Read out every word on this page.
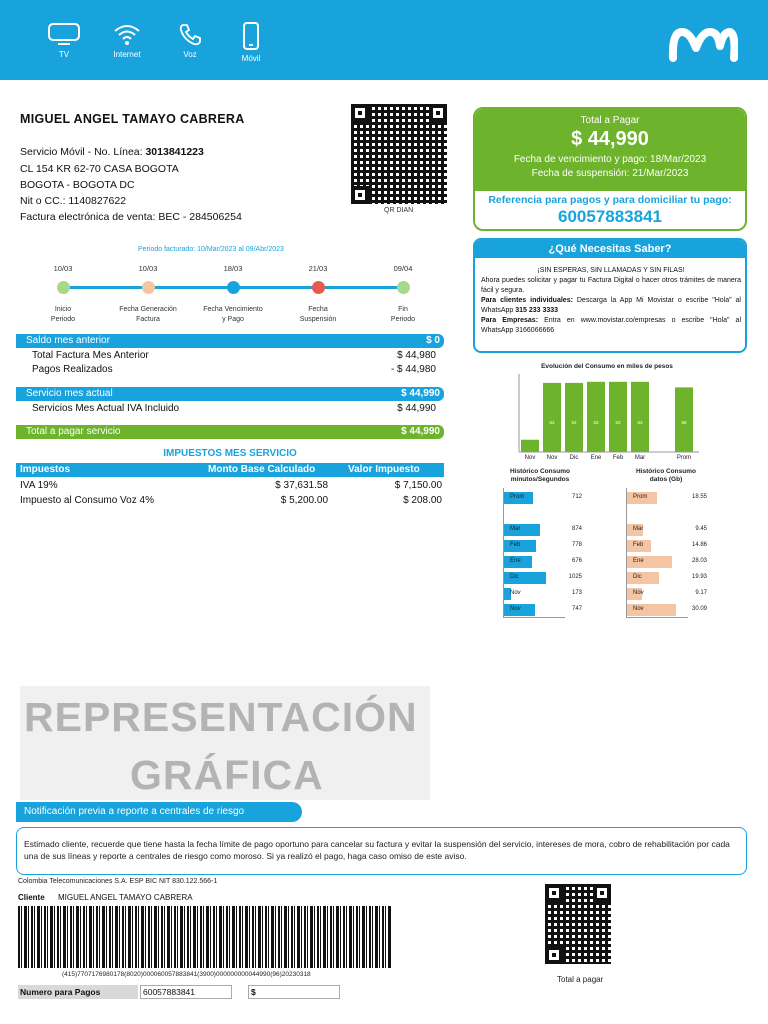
TV	Internet	Voz	Móvil
MIGUEL ANGEL TAMAYO CABRERA
Servicio Móvil - No. Línea: 3013841223
CL 154 KR 62-70 CASA BOGOTA
BOGOTA - BOGOTA DC
Nit o CC.: 1140827622
Factura electrónica de venta: BEC - 284506254
QR DIAN
Total a Pagar
$ 44,990
Fecha de vencimiento y pago: 18/Mar/2023
Fecha de suspensión: 21/Mar/2023
Referencia para pagos y para domiciliar tu pago:
60057883841
¿Qué Necesitas Saber?
¡SIN ESPERAS, SIN LLAMADAS Y SIN FILAS!
Ahora puedes solicitar y pagar tu Factura Digital o hacer otros trámites de manera fácil y segura.
Para clientes individuales: Descarga la App Mi Movistar o escribe "Hola" al WhatsApp 315 233 3333
Para Empresas: Entra en www.movistar.co/empresas o escribe "Hola" al WhatsApp 3166066666
Periodo facturado: 10/Mar/2023 al 09/Abr/2023
10/03
Inicio
Periodo
10/03
Fecha Generación
Factura
18/03
Fecha Vencimiento
y Pago
21/03
Fecha
Suspensión
09/04
Fin
Periodo
Saldo mes anterior	$ 0
Total Factura Mes Anterior	$ 44,980
Pagos Realizados	- $ 44,980
Servicio mes actual	$ 44,990
Servicios Mes Actual IVA Incluido	$ 44,990
Total a pagar servicio	$ 44,990
IMPUESTOS MES SERVICIO
Impuestos	Monto Base Calculado	Valor Impuesto
IVA 19%	$ 37,631.58	$ 7,150.00
Impuesto al Consumo Voz 4%	$ 5,200.00	$ 208.00
Evolución del Consumo en miles de pesos
11
Nov
62
Nov
62
Dic
63
Ene
63
Feb
63
Mar
58
Prom
Histórico Consumo
minutos/Segundos
Prom	712
Mar	874
Feb	778
Ene	676
Dic	1025
Nov	173
Nov	747
Histórico Consumo
datos (Gb)
Prom	18.55
Mar	9.45
Feb	14.86
Ene	28.03
Dic	19.93
Nov	9.17
Nov	30.09
REPRESENTACIÓN
GRÁFICA
Notificación previa a reporte a centrales de riesgo
Estimado cliente, recuerde que tiene hasta la fecha límite de pago oportuno para cancelar su factura y evitar la suspensión del servicio, intereses de mora, cobro de rehabilitación por cada una de sus líneas y reporte a centrales de riesgo como moroso. Si ya realizó el pago, haga caso omiso de este aviso.
Colombia Telecomunicaciones S.A. ESP BIC NIT 830.122.566-1
Cliente MIGUEL ANGEL TAMAYO CABRERA
(415)7707176980178(8020)000060057883841(3900)000000000044990(96)20230318
Numero para Pagos	60057883841	$
Total a pagar
